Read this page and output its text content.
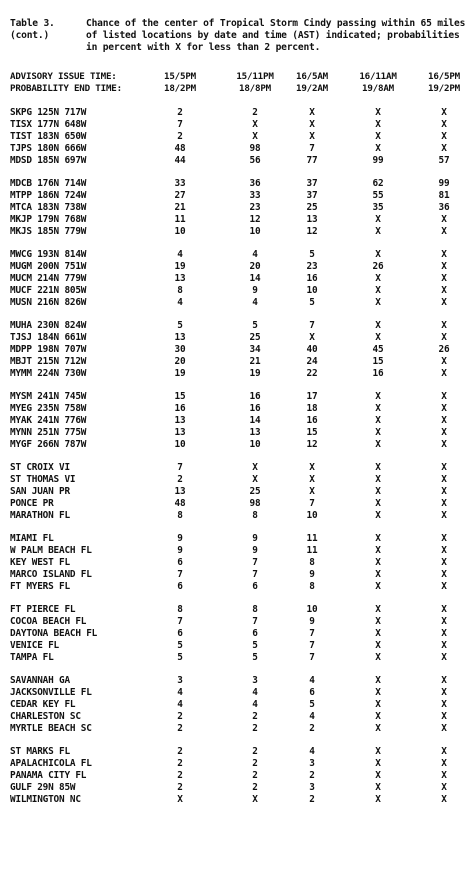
Table 3.
(cont.)
Chance of the center of Tropical Storm Cindy passing within 65 miles of listed locations by date and time (AST) indicated; probabilities in percent with X for less than 2 percent.
ADVISORY ISSUE TIME:	15/5PM	15/11PM	16/5AM	16/11AM	16/5PM
PROBABILITY END TIME:	18/2PM	18/8PM	19/2AM	19/8AM	19/2PM
SKPG 125N 717W	2	2	X	X	X
TISX 177N 648W	7	X	X	X	X
TIST 183N 650W	2	X	X	X	X
TJPS 180N 666W	48	98	7	X	X
MDSD 185N 697W	44	56	77	99	57
MDCB 176N 714W	33	36	37	62	99
MTPP 186N 724W	27	33	37	55	81
MTCA 183N 738W	21	23	25	35	36
MKJP 179N 768W	11	12	13	X	X
MKJS 185N 779W	10	10	12	X	X
MWCG 193N 814W	4	4	5	X	X
MUGM 200N 751W	19	20	23	26	X
MUCM 214N 779W	13	14	16	X	X
MUCF 221N 805W	8	9	10	X	X
MUSN 216N 826W	4	4	5	X	X
MUHA 230N 824W	5	5	7	X	X
TJSJ 184N 661W	13	25	X	X	X
MDPP 198N 707W	30	34	40	45	26
MBJT 215N 712W	20	21	24	15	X
MYMM 224N 730W	19	19	22	16	X
MYSM 241N 745W	15	16	17	X	X
MYEG 235N 758W	16	16	18	X	X
MYAK 241N 776W	13	14	16	X	X
MYNN 251N 775W	13	13	15	X	X
MYGF 266N 787W	10	10	12	X	X
ST CROIX VI	7	X	X	X	X
ST THOMAS VI	2	X	X	X	X
SAN JUAN PR	13	25	X	X	X
PONCE PR	48	98	7	X	X
MARATHON FL	8	8	10	X	X
MIAMI FL	9	9	11	X	X
W PALM BEACH FL	9	9	11	X	X
KEY WEST FL	6	7	8	X	X
MARCO ISLAND FL	7	7	9	X	X
FT MYERS FL	6	6	8	X	X
FT PIERCE FL	8	8	10	X	X
COCOA BEACH FL	7	7	9	X	X
DAYTONA BEACH FL	6	6	7	X	X
VENICE FL	5	5	7	X	X
TAMPA FL	5	5	7	X	X
SAVANNAH GA	3	3	4	X	X
JACKSONVILLE FL	4	4	6	X	X
CEDAR KEY FL	4	4	5	X	X
CHARLESTON SC	2	2	4	X	X
MYRTLE BEACH SC	2	2	2	X	X
ST MARKS FL	2	2	4	X	X
APALACHICOLA FL	2	2	3	X	X
PANAMA CITY FL	2	2	2	X	X
GULF 29N 85W	2	2	3	X	X
WILMINGTON NC	X	X	2	X	X
